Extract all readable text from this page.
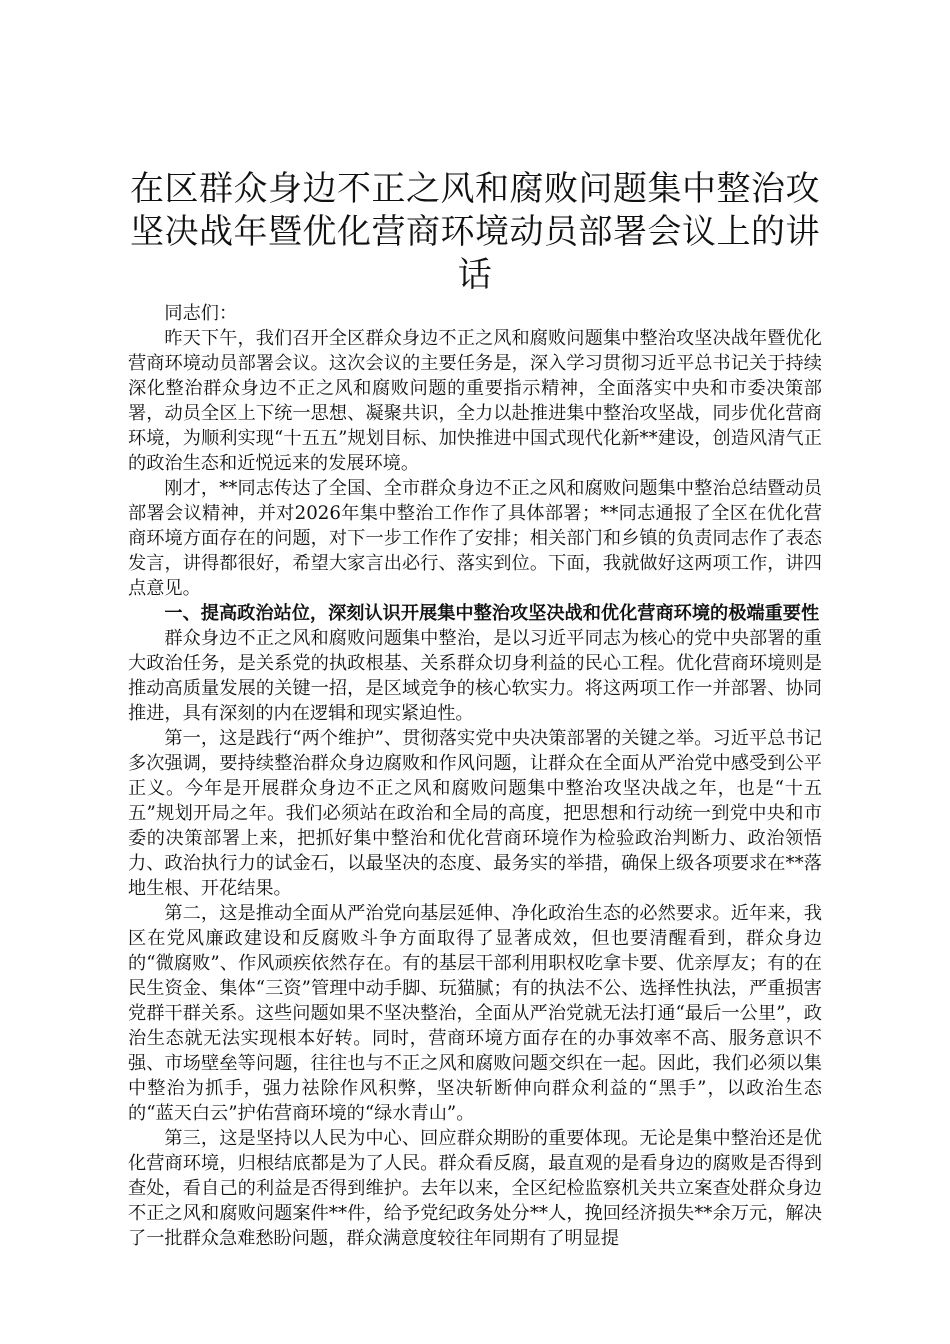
在区群众身边不正之风和腐败问题集中整治攻坚决战年暨优化营商环境动员部署会议上的讲话

同志们：

昨天下午，我们召开全区群众身边不正之风和腐败问题集中整治攻坚决战年暨优化营商环境动员部署会议。这次会议的主要任务是，深入学习贯彻习近平总书记关于持续深化整治群众身边不正之风和腐败问题的重要指示精神，全面落实中央和市委决策部署，动员全区上下统一思想、凝聚共识，全力以赴推进集中整治攻坚战，同步优化营商环境，为顺利实现“十五五”规划目标、加快推进中国式现代化新**建设，创造风清气正的政治生态和近悦远来的发展环境。

刚才，**同志传达了全国、全市群众身边不正之风和腐败问题集中整治总结暨动员部署会议精神，并对2026年集中整治工作作了具体部署；**同志通报了全区在优化营商环境方面存在的问题，对下一步工作作了安排；相关部门和乡镇的负责同志作了表态发言，讲得都很好，希望大家言出必行、落实到位。下面，我就做好这两项工作，讲四点意见。

一、提高政治站位，深刻认识开展集中整治攻坚决战和优化营商环境的极端重要性

群众身边不正之风和腐败问题集中整治，是以习近平同志为核心的党中央部署的重大政治任务，是关系党的执政根基、关系群众切身利益的民心工程。优化营商环境则是推动高质量发展的关键一招，是区域竞争的核心软实力。将这两项工作一并部署、协同推进，具有深刻的内在逻辑和现实紧迫性。

第一，这是践行“两个维护”、贯彻落实党中央决策部署的关键之举。习近平总书记多次强调，要持续整治群众身边腐败和作风问题，让群众在全面从严治党中感受到公平正义。今年是开展群众身边不正之风和腐败问题集中整治攻坚决战之年，也是“十五五”规划开局之年。我们必须站在政治和全局的高度，把思想和行动统一到党中央和市委的决策部署上来，把抓好集中整治和优化营商环境作为检验政治判断力、政治领悟力、政治执行力的试金石，以最坚决的态度、最务实的举措，确保上级各项要求在**落地生根、开花结果。

第二，这是推动全面从严治党向基层延伸、净化政治生态的必然要求。近年来，我区在党风廉政建设和反腐败斗争方面取得了显著成效，但也要清醒看到，群众身边的“微腐败”、作风顽疾依然存在。有的基层干部利用职权吃拿卡要、优亲厚友；有的在民生资金、集体“三资”管理中动手脚、玩猫腻；有的执法不公、选择性执法，严重损害党群干群关系。这些问题如果不坚决整治，全面从严治党就无法打通“最后一公里”，政治生态就无法实现根本好转。同时，营商环境方面存在的办事效率不高、服务意识不强、市场壁垒等问题，往往也与不正之风和腐败问题交织在一起。因此，我们必须以集中整治为抓手，强力祛除作风积弊，坚决斩断伸向群众利益的“黑手”，以政治生态的“蓝天白云”护佑营商环境的“绿水青山”。

第三，这是坚持以人民为中心、回应群众期盼的重要体现。无论是集中整治还是优化营商环境，归根结底都是为了人民。群众看反腐，最直观的是看身边的腐败是否得到查处，看自己的利益是否得到维护。去年以来，全区纪检监察机关共立案查处群众身边不正之风和腐败问题案件**件，给予党纪政务处分**人，挽回经济损失**余万元，解决了一批群众急难愁盼问题，群众满意度较往年同期有了明显提
